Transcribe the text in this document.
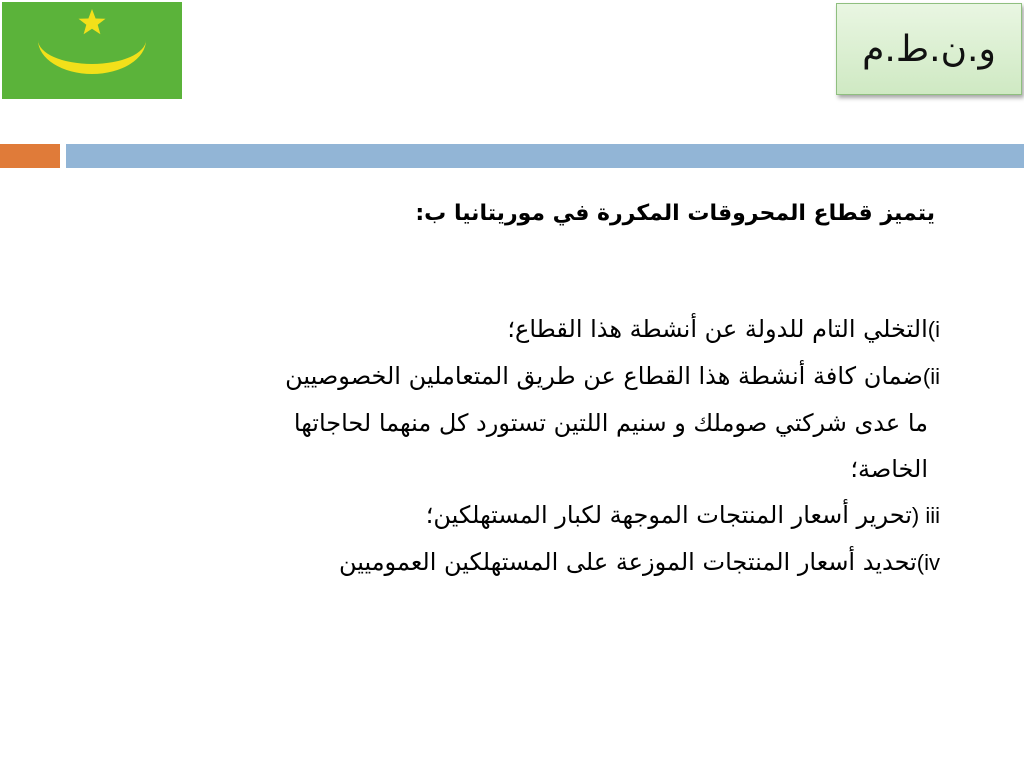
و.ن.ط.م
يتميز قطاع المحروقات المكررة في موريتانيا ب:
i)التخلي التام للدولة عن أنشطة هذا القطاع؛
ii)ضمان كافة أنشطة هذا القطاع عن طريق المتعاملين الخصوصيين
ما عدى شركتي صوملك و سنيم اللتين تستورد كل منهما لحاجاتها
الخاصة؛
iii (تحرير أسعار المنتجات الموجهة لكبار المستهلكين؛
iv)تحديد أسعار المنتجات الموزعة على المستهلكين العموميين
